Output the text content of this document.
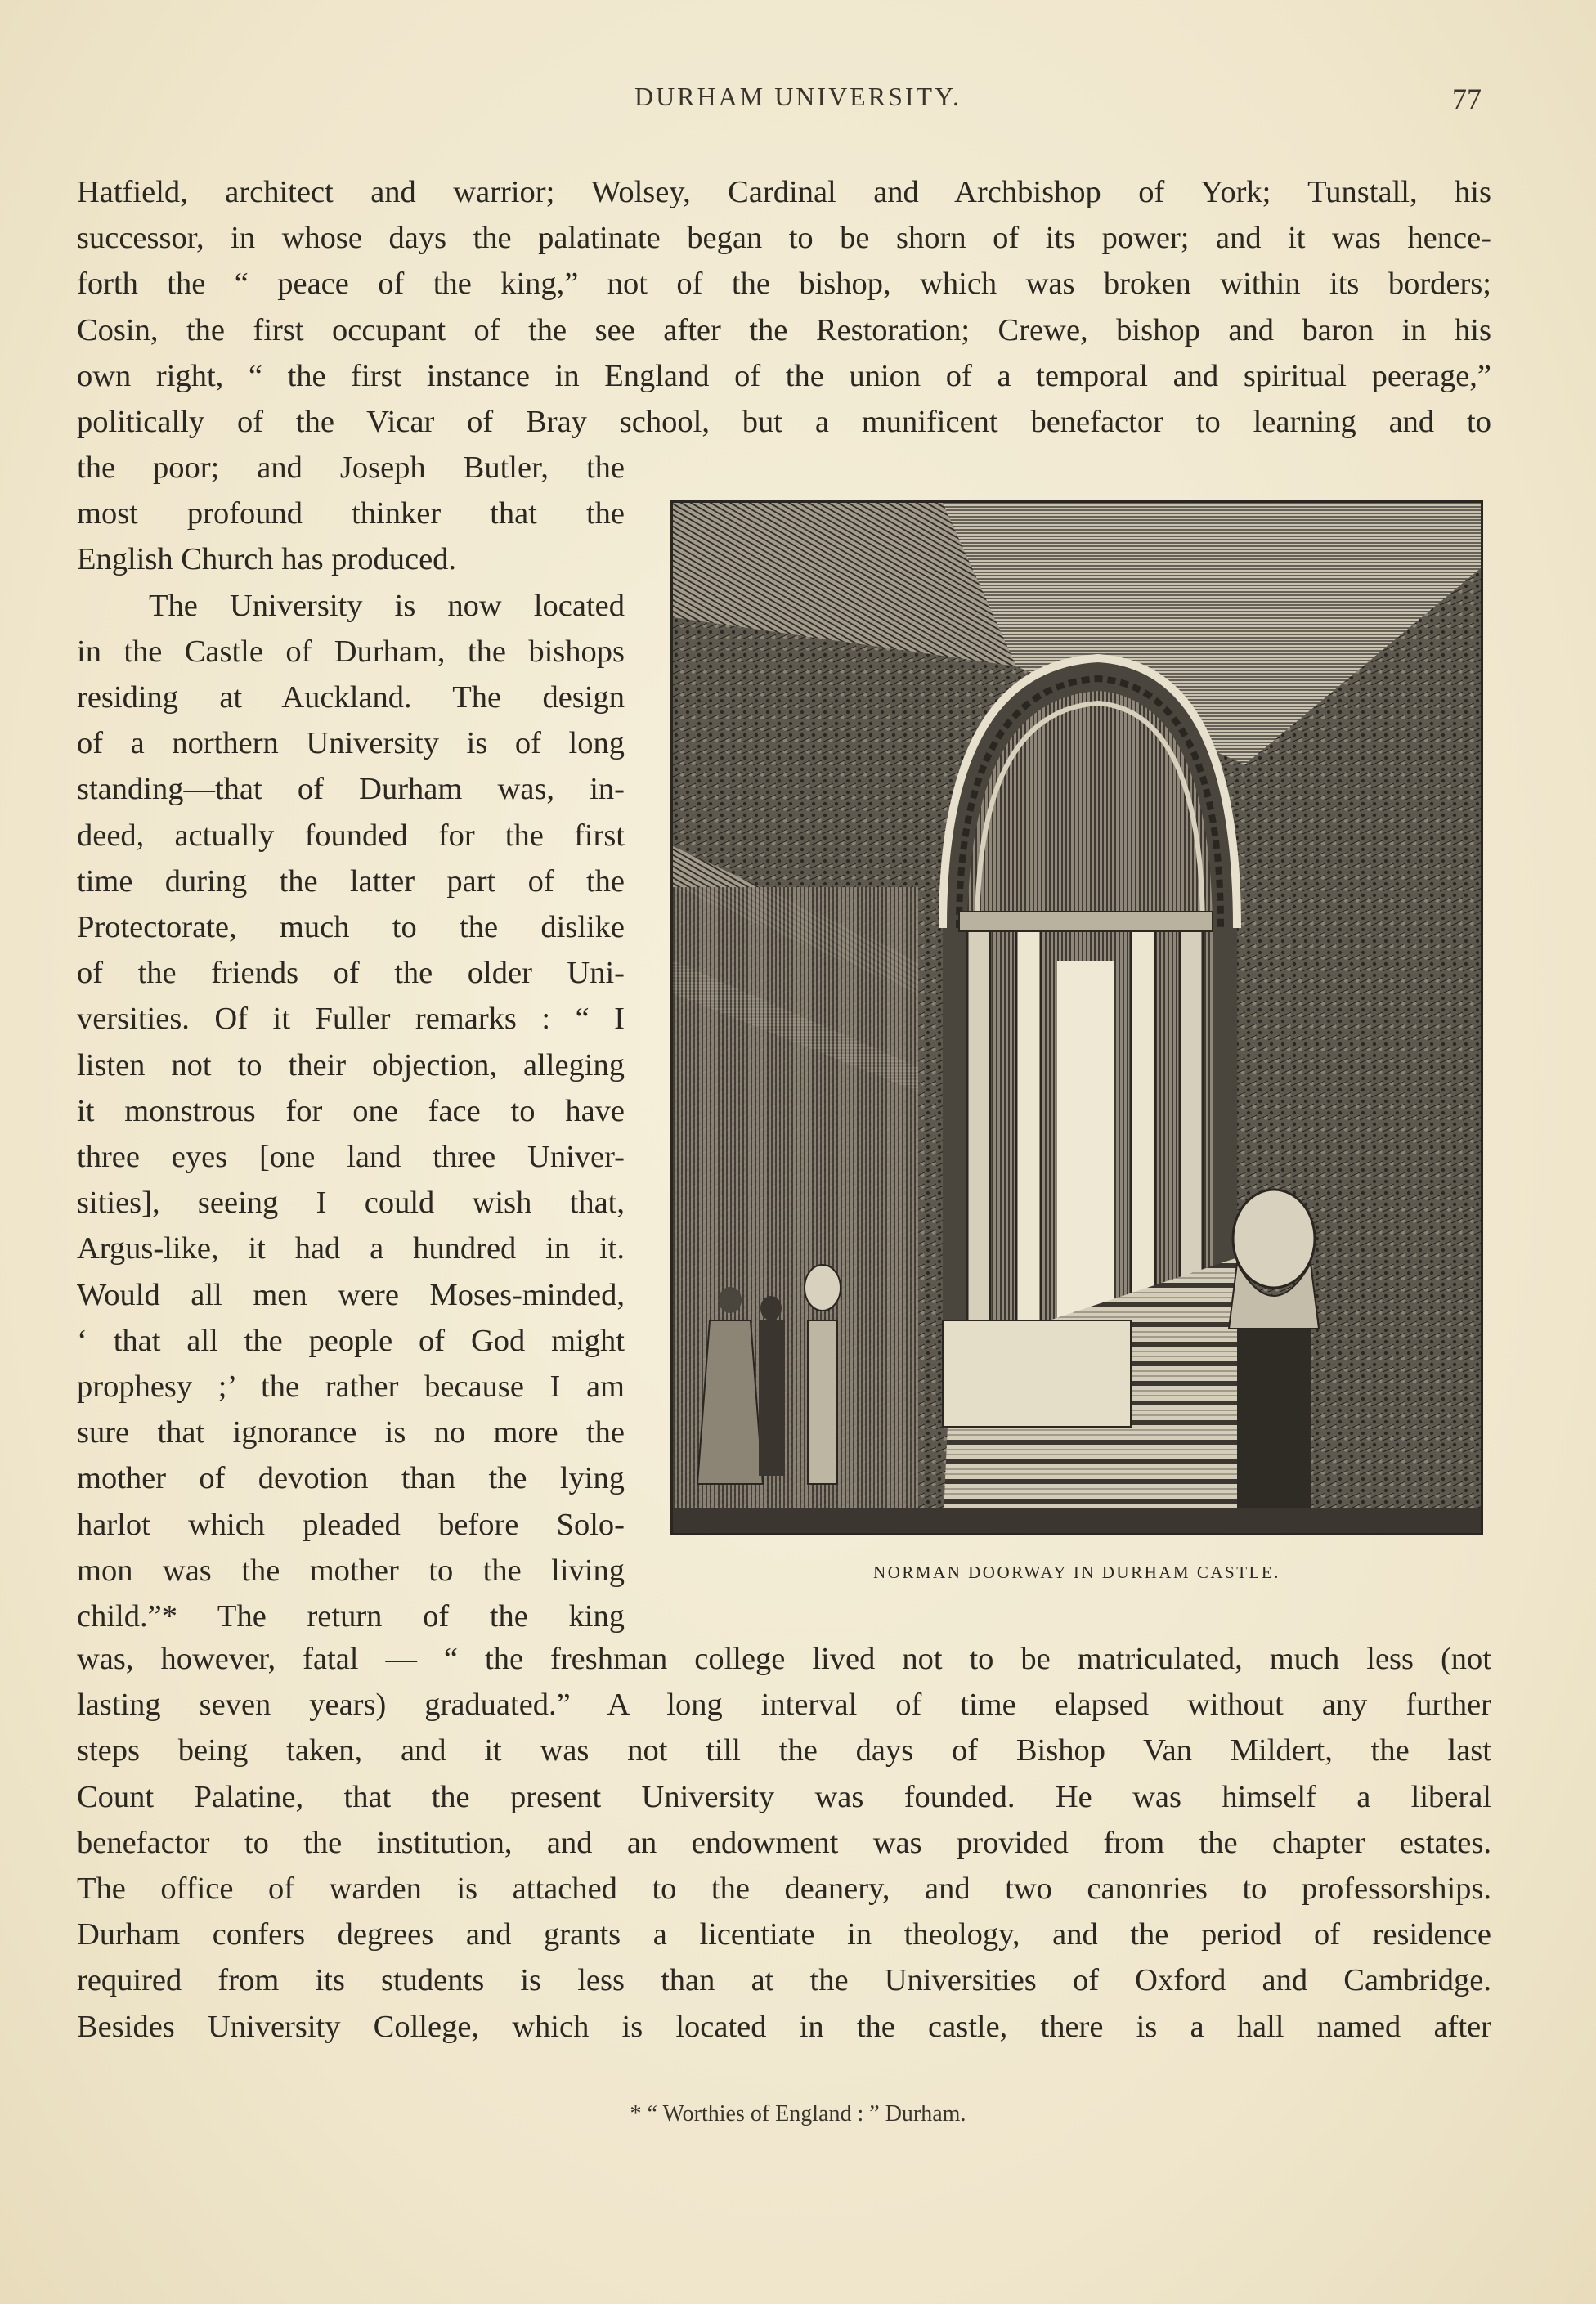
DURHAM UNIVERSITY.	77
Hatfield, architect and warrior; Wolsey, Cardinal and Archbishop of York; Tunstall, his
successor, in whose days the palatinate began to be shorn of its power; and it was hence-
forth the “ peace of the king,” not of the bishop, which was broken within its borders;
Cosin, the first occupant of the see after the Restoration; Crewe, bishop and baron in his
own right, “ the first instance in England of the union of a temporal and spiritual peerage,”
politically of the Vicar of Bray school, but a munificent benefactor to learning and to
the poor; and Joseph Butler, the
most profound thinker that the
English Church has produced.
The University is now located
in the Castle of Durham, the bishops
residing at Auckland. The design
of a northern University is of long
standing—that of Durham was, in-
deed, actually founded for the first
time during the latter part of the
Protectorate, much to the dislike
of the friends of the older Uni-
versities. Of it Fuller remarks : “ I
listen not to their objection, alleging
it monstrous for one face to have
three eyes [one land three Univer-
sities], seeing I could wish that,
Argus-like, it had a hundred in it.
Would all men were Moses-minded,
‘ that all the people of God might
prophesy ;’ the rather because I am
sure that ignorance is no more the
mother of devotion than the lying
harlot which pleaded before Solo-
mon was the mother to the living
child.”* The return of the king
NORMAN DOORWAY IN DURHAM CASTLE.
was, however, fatal — “ the freshman college lived not to be matriculated, much less (not
lasting seven years) graduated.” A long interval of time elapsed without any further
steps being taken, and it was not till the days of Bishop Van Mildert, the last
Count Palatine, that the present University was founded. He was himself a liberal
benefactor to the institution, and an endowment was provided from the chapter estates.
The office of warden is attached to the deanery, and two canonries to professorships.
Durham confers degrees and grants a licentiate in theology, and the period of residence
required from its students is less than at the Universities of Oxford and Cambridge.
Besides University College, which is located in the castle, there is a hall named after
* “ Worthies of England : ” Durham.
